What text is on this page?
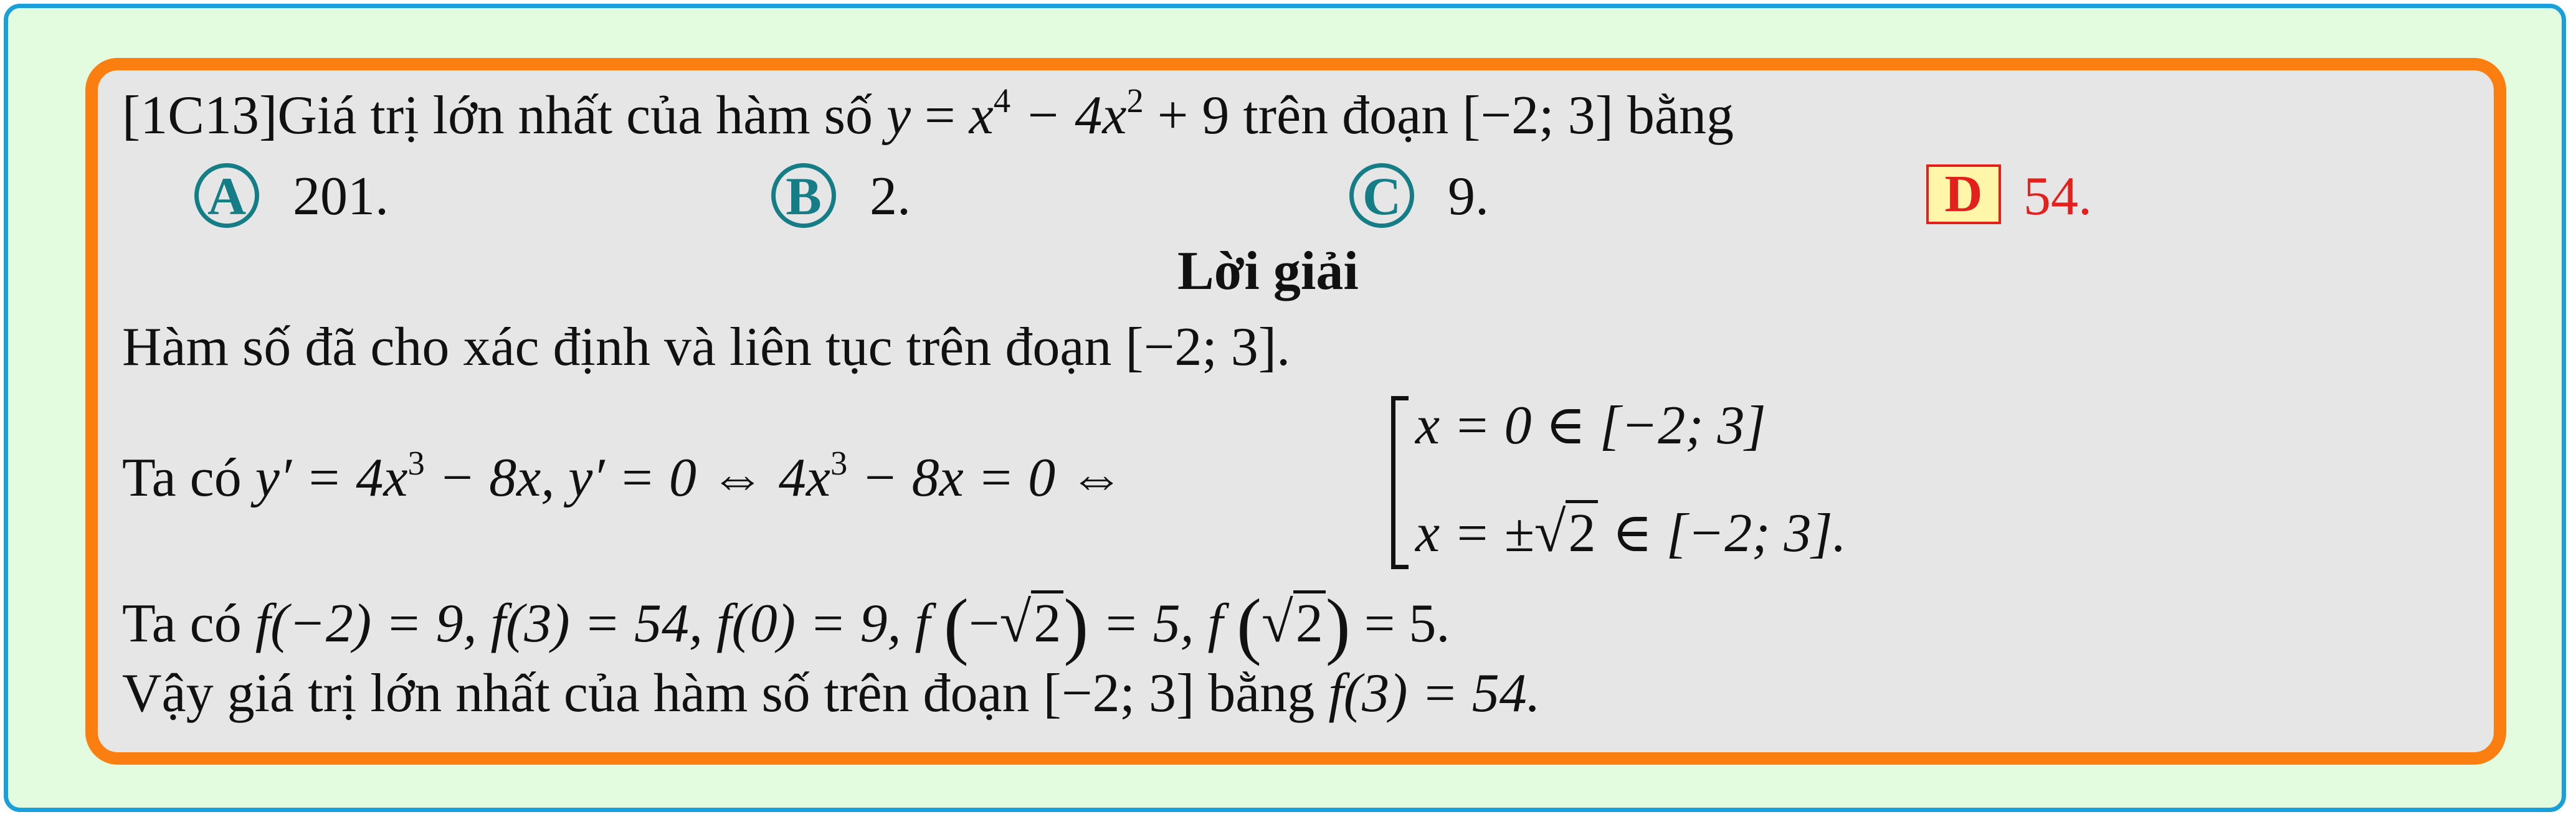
[1C13]Giá trị lớn nhất của hàm số $y = x^4 - 4x^2 + 9$ trên đoạn [−2; 3] bằng
A 201.	B 2.	C 9.	D 54.
Lời giải
Hàm số đã cho xác định và liên tục trên đoạn [−2; 3].
Ta có $y' = 4x^3 - 8x$, y′ = 0 ⇔ $4x^3 - 8x = 0$ ⇔
x = 0 ∈ [−2; 3]
x = ±√2 ∈ [−2; 3].
Ta có f(−2) = 9, f(3) = 54, f(0) = 9, f (−√2) = 5, f (√2) = 5.
Vậy giá trị lớn nhất của hàm số trên đoạn [−2; 3] bằng f(3) = 54.
